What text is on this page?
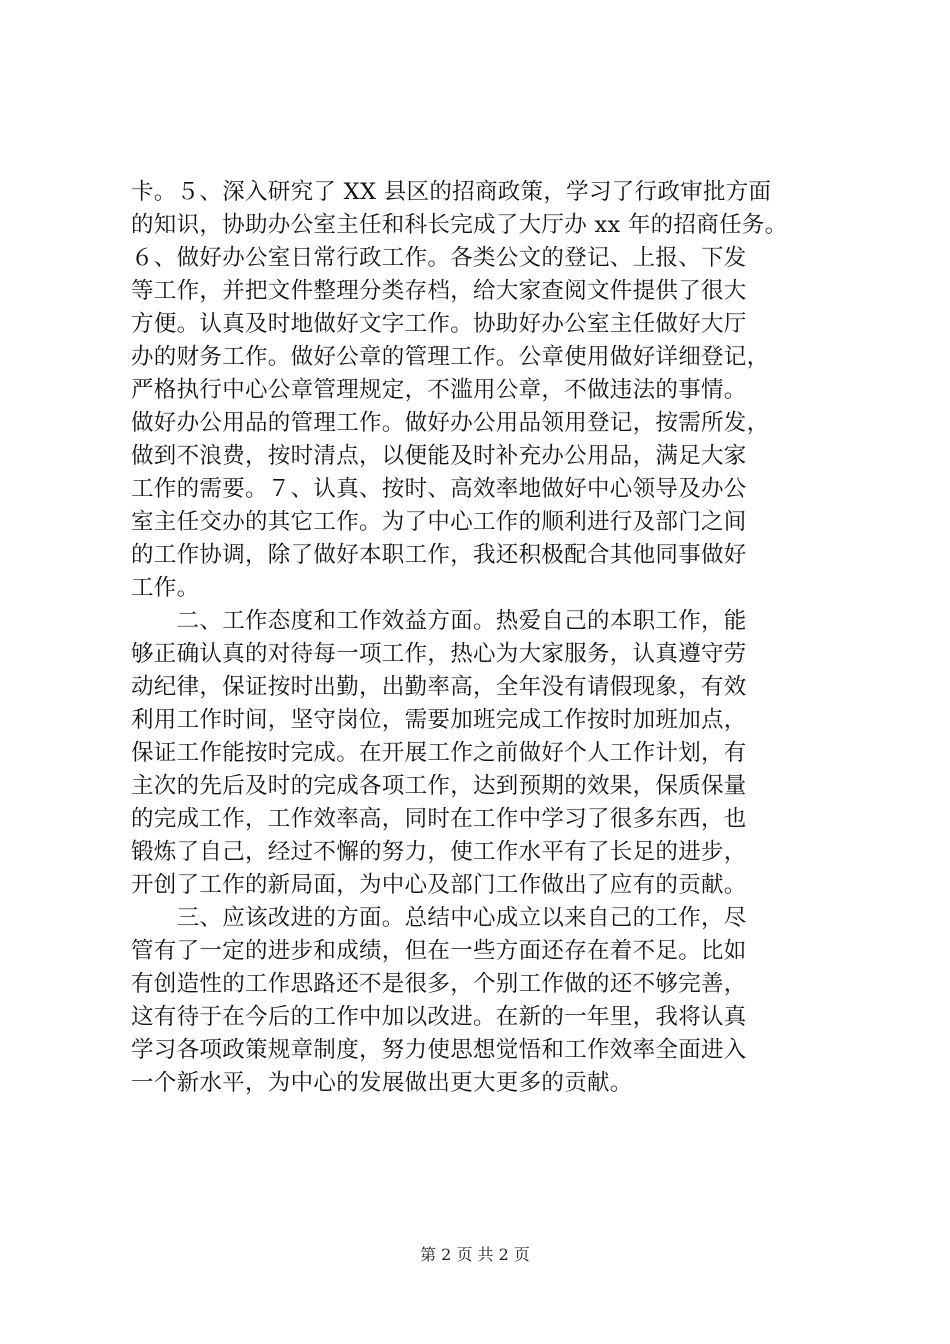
卡。５、深入研究了 XX 县区的招商政策，学习了行政审批方面
的知识，协助办公室主任和科长完成了大厅办 xx 年的招商任务。
６、做好办公室日常行政工作。各类公文的登记、上报、下发
等工作，并把文件整理分类存档，给大家查阅文件提供了很大
方便。认真及时地做好文字工作。协助好办公室主任做好大厅
办的财务工作。做好公章的管理工作。公章使用做好详细登记，
严格执行中心公章管理规定，不滥用公章，不做违法的事情。
做好办公用品的管理工作。做好办公用品领用登记，按需所发，
做到不浪费，按时清点，以便能及时补充办公用品，满足大家
工作的需要。７、认真、按时、高效率地做好中心领导及办公
室主任交办的其它工作。为了中心工作的顺利进行及部门之间
的工作协调，除了做好本职工作，我还积极配合其他同事做好
工作。
　　二、工作态度和工作效益方面。热爱自己的本职工作，能
够正确认真的对待每一项工作，热心为大家服务，认真遵守劳
动纪律，保证按时出勤，出勤率高，全年没有请假现象，有效
利用工作时间，坚守岗位，需要加班完成工作按时加班加点，
保证工作能按时完成。在开展工作之前做好个人工作计划，有
主次的先后及时的完成各项工作，达到预期的效果，保质保量
的完成工作，工作效率高，同时在工作中学习了很多东西，也
锻炼了自己，经过不懈的努力，使工作水平有了长足的进步，
开创了工作的新局面，为中心及部门工作做出了应有的贡献。
　　三、应该改进的方面。总结中心成立以来自己的工作，尽
管有了一定的进步和成绩，但在一些方面还存在着不足。比如
有创造性的工作思路还不是很多，个别工作做的还不够完善，
这有待于在今后的工作中加以改进。在新的一年里，我将认真
学习各项政策规章制度，努力使思想觉悟和工作效率全面进入
一个新水平，为中心的发展做出更大更多的贡献。
第 2 页 共 2 页
